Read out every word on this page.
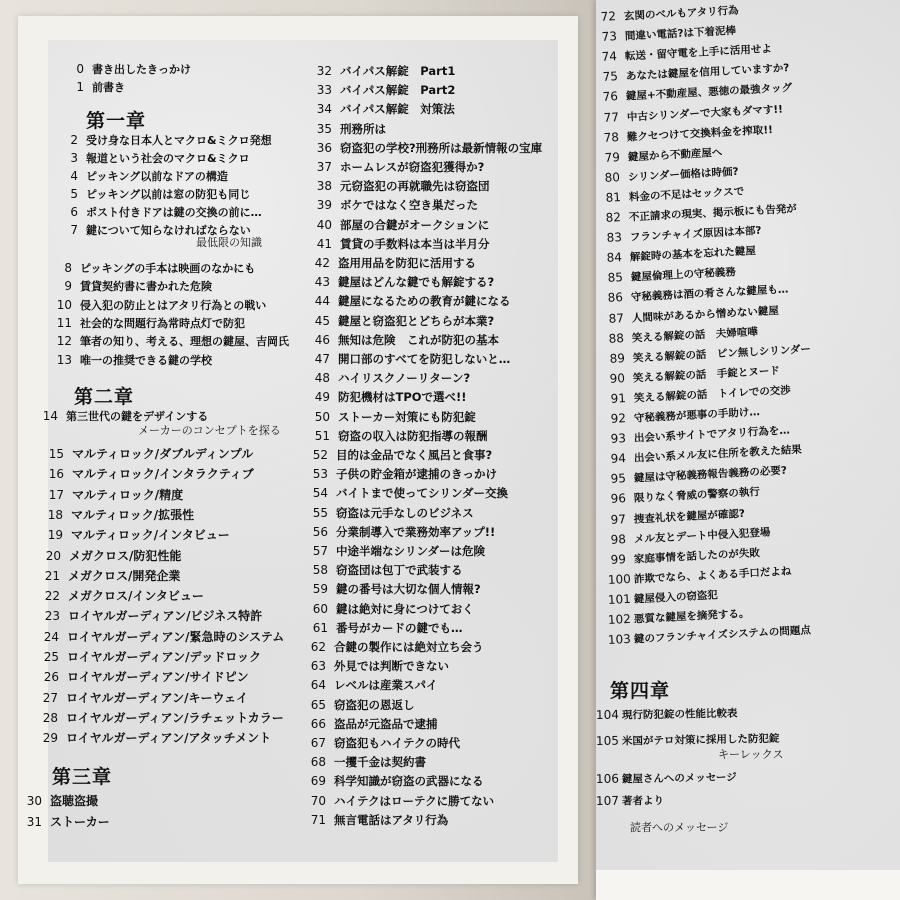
0 書き出したきっかけ
1 前書き
第一章
2 受け身な日本人とマクロ&ミクロ発想
3 報道という社会のマクロ&ミクロ
4 ピッキング以前なドアの構造
5 ピッキング以前は窓の防犯も同じ
6 ポスト付きドアは鍵の交換の前に…
7 鍵について知らなければならない
最低限の知識
8 ピッキングの手本は映画のなかにも
9 賃貸契約書に書かれた危険
10 侵入犯の防止とはアタリ行為との戦い
11 社会的な問題行為常時点灯で防犯
12 筆者の知り、考える、理想の鍵屋、吉岡氏
13 唯一の推奨できる鍵の学校
第二章
14 第三世代の鍵をデザインする
メーカーのコンセプトを探る
15 マルティロック/ダブルディンプル
16 マルティロック/インタラクティブ
17 マルティロック/精度
18 マルティロック/拡張性
19 マルティロック/インタビュー
20 メガクロス/防犯性能
21 メガクロス/開発企業
22 メガクロス/インタビュー
23 ロイヤルガーディアン/ビジネス特許
24 ロイヤルガーディアン/緊急時のシステム
25 ロイヤルガーディアン/デッドロック
26 ロイヤルガーディアン/サイドピン
27 ロイヤルガーディアン/キーウェイ
28 ロイヤルガーディアン/ラチェットカラー
29 ロイヤルガーディアン/アタッチメント
第三章
30 盗聴盗撮
31 ストーカー
32 バイパス解錠　Part1
33 バイパス解錠　Part2
34 バイパス解錠　対策法
35 刑務所は
36 窃盗犯の学校?刑務所は最新情報の宝庫
37 ホームレスが窃盗犯獲得か?
38 元窃盗犯の再就職先は窃盗団
39 ボケではなく空き巣だった
40 部屋の合鍵がオークションに
41 賃貸の手数料は本当は半月分
42 盗用用品を防犯に活用する
43 鍵屋はどんな鍵でも解錠する?
44 鍵屋になるための教育が鍵になる
45 鍵屋と窃盗犯とどちらが本業?
46 無知は危険　これが防犯の基本
47 開口部のすべてを防犯しないと…
48 ハイリスクノーリターン?
49 防犯機材はTPOで選べ!!
50 ストーカー対策にも防犯錠
51 窃盗の収入は防犯指導の報酬
52 目的は金品でなく風呂と食事?
53 子供の貯金箱が逮捕のきっかけ
54 バイトまで使ってシリンダー交換
55 窃盗は元手なしのビジネス
56 分業制導入で業務効率アップ!!
57 中途半端なシリンダーは危険
58 窃盗団は包丁で武装する
59 鍵の番号は大切な個人情報?
60 鍵は絶対に身につけておく
61 番号がカードの鍵でも…
62 合鍵の製作には絶対立ち会う
63 外見では判断できない
64 レベルは産業スパイ
65 窃盗犯の恩返し
66 盗品が元盗品で逮捕
67 窃盗犯もハイテクの時代
68 一攫千金は契約書
69 科学知識が窃盗の武器になる
70 ハイテクはローテクに勝てない
71 無言電話はアタリ行為
72 玄関のベルもアタリ行為
73 間違い電話?は下着泥棒
74 転送・留守電を上手に活用せよ
75 あなたは鍵屋を信用していますか?
76 鍵屋+不動産屋、悪徳の最強タッグ
77 中古シリンダーで大家もダマす!!
78 難クセつけて交換料金を搾取!!
79 鍵屋から不動産屋へ
80 シリンダー価格は時価?
81 料金の不足はセックスで
82 不正請求の現実、掲示板にも告発が
83 フランチャイズ原因は本部?
84 解錠時の基本を忘れた鍵屋
85 鍵屋倫理上の守秘義務
86 守秘義務は酒の肴さんな鍵屋も…
87 人間味があるから憎めない鍵屋
88 笑える解錠の話　夫婦喧嘩
89 笑える解錠の話　ピン無しシリンダー
90 笑える解錠の話　手錠とヌード
91 笑える解錠の話　トイレでの交渉
92 守秘義務が悪事の手助け…
93 出会い系サイトでアタリ行為を…
94 出会い系メル友に住所を教えた結果
95 鍵屋は守秘義務報告義務の必要?
96 限りなく脅威の警察の執行
97 捜査礼状を鍵屋が確認?
98 メル友とデート中侵入犯登場
99 家庭事情を話したのが失敗
100 詐欺でなら、よくある手口だよね
101 鍵屋侵入の窃盗犯
102 悪質な鍵屋を摘発する。
103 鍵のフランチャイズシステムの問題点
第四章
104 現行防犯錠の性能比較表
105 米国がテロ対策に採用した防犯錠
106 鍵屋さんへのメッセージ
107 著者より
キーレックス
読者へのメッセージ
